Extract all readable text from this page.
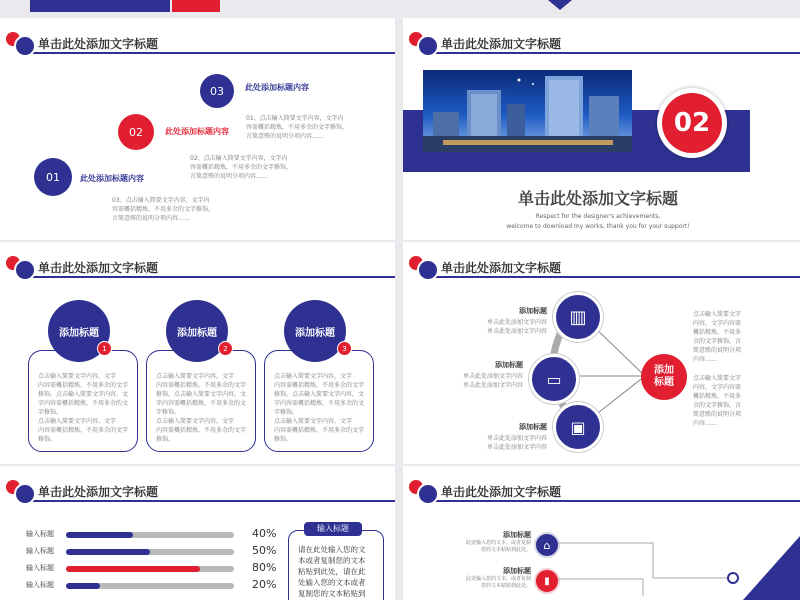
单击此处添加文字标题
03	此处添加标题内容
01、点击输入简要文字内容，文字内
容需概括精炼，不用多余的文字修饰，
言简意赅的说明分项内容……
02	此处添加标题内容
02、点击输入简要文字内容，文字内
容需概括精炼，不用多余的文字修饰，
言简意赅的说明分项内容……
01	此处添加标题内容
03、点击输入简要文字内容，文字内
容需概括精炼，不用多余的文字修饰，
言简意赅的说明分项内容……
单击此处添加文字标题
02
单击此处添加文字标题
Respect for the designer's achievements,
welcome to download my works, thank you for your support!
单击此处添加文字标题
添加标题
1
点击输入简要文字内容，文字
内容需概括精炼，不用多余的文字
修饰。点击输入简要文字内容，文
字内容需概括精炼，不用多余的文
字修饰。
点击输入简要文字内容，文字
内容需概括精炼，不用多余的文字
修饰。
添加标题
2
点击输入简要文字内容，文字
内容需概括精炼，不用多余的文字
修饰。点击输入简要文字内容，文
字内容需概括精炼，不用多余的文
字修饰。
点击输入简要文字内容，文字
内容需概括精炼，不用多余的文字
修饰。
添加标题
3
点击输入简要文字内容，文字
内容需概括精炼，不用多余的文字
修饰。点击输入简要文字内容，文
字内容需概括精炼，不用多余的文
字修饰。
点击输入简要文字内容，文字
内容需概括精炼，不用多余的文字
修饰。
单击此处添加文字标题
▥
▭
▣
添加
标题
添加标题
单击此处添加文字内容
单击此处添加文字内容
添加标题
单击此处添加文字内容
单击此处添加文字内容
添加标题
单击此处添加文字内容
单击此处添加文字内容
点击输入简要文字
内容，文字内容需
概括精炼，不用多
余的文字修饰，言
简意赅的说明分项
内容……
点击输入简要文字
内容，文字内容需
概括精炼，不用多
余的文字修饰，言
简意赅的说明分项
内容……
单击此处添加文字标题
输入标题	40%
输入标题	50%
输入标题	80%
输入标题	20%
输入标题
请在此处输入您的文
本或者复制您的文本
粘贴到此处，请在此
处输入您的文本或者
复制您的文本粘贴到
单击此处添加文字标题
添加标题
此处输入您的文本，或者复制
您的文本粘贴到此处。 ⌂
添加标题
此处输入您的文本，或者复制
您的文本粘贴到此处。 ▮
